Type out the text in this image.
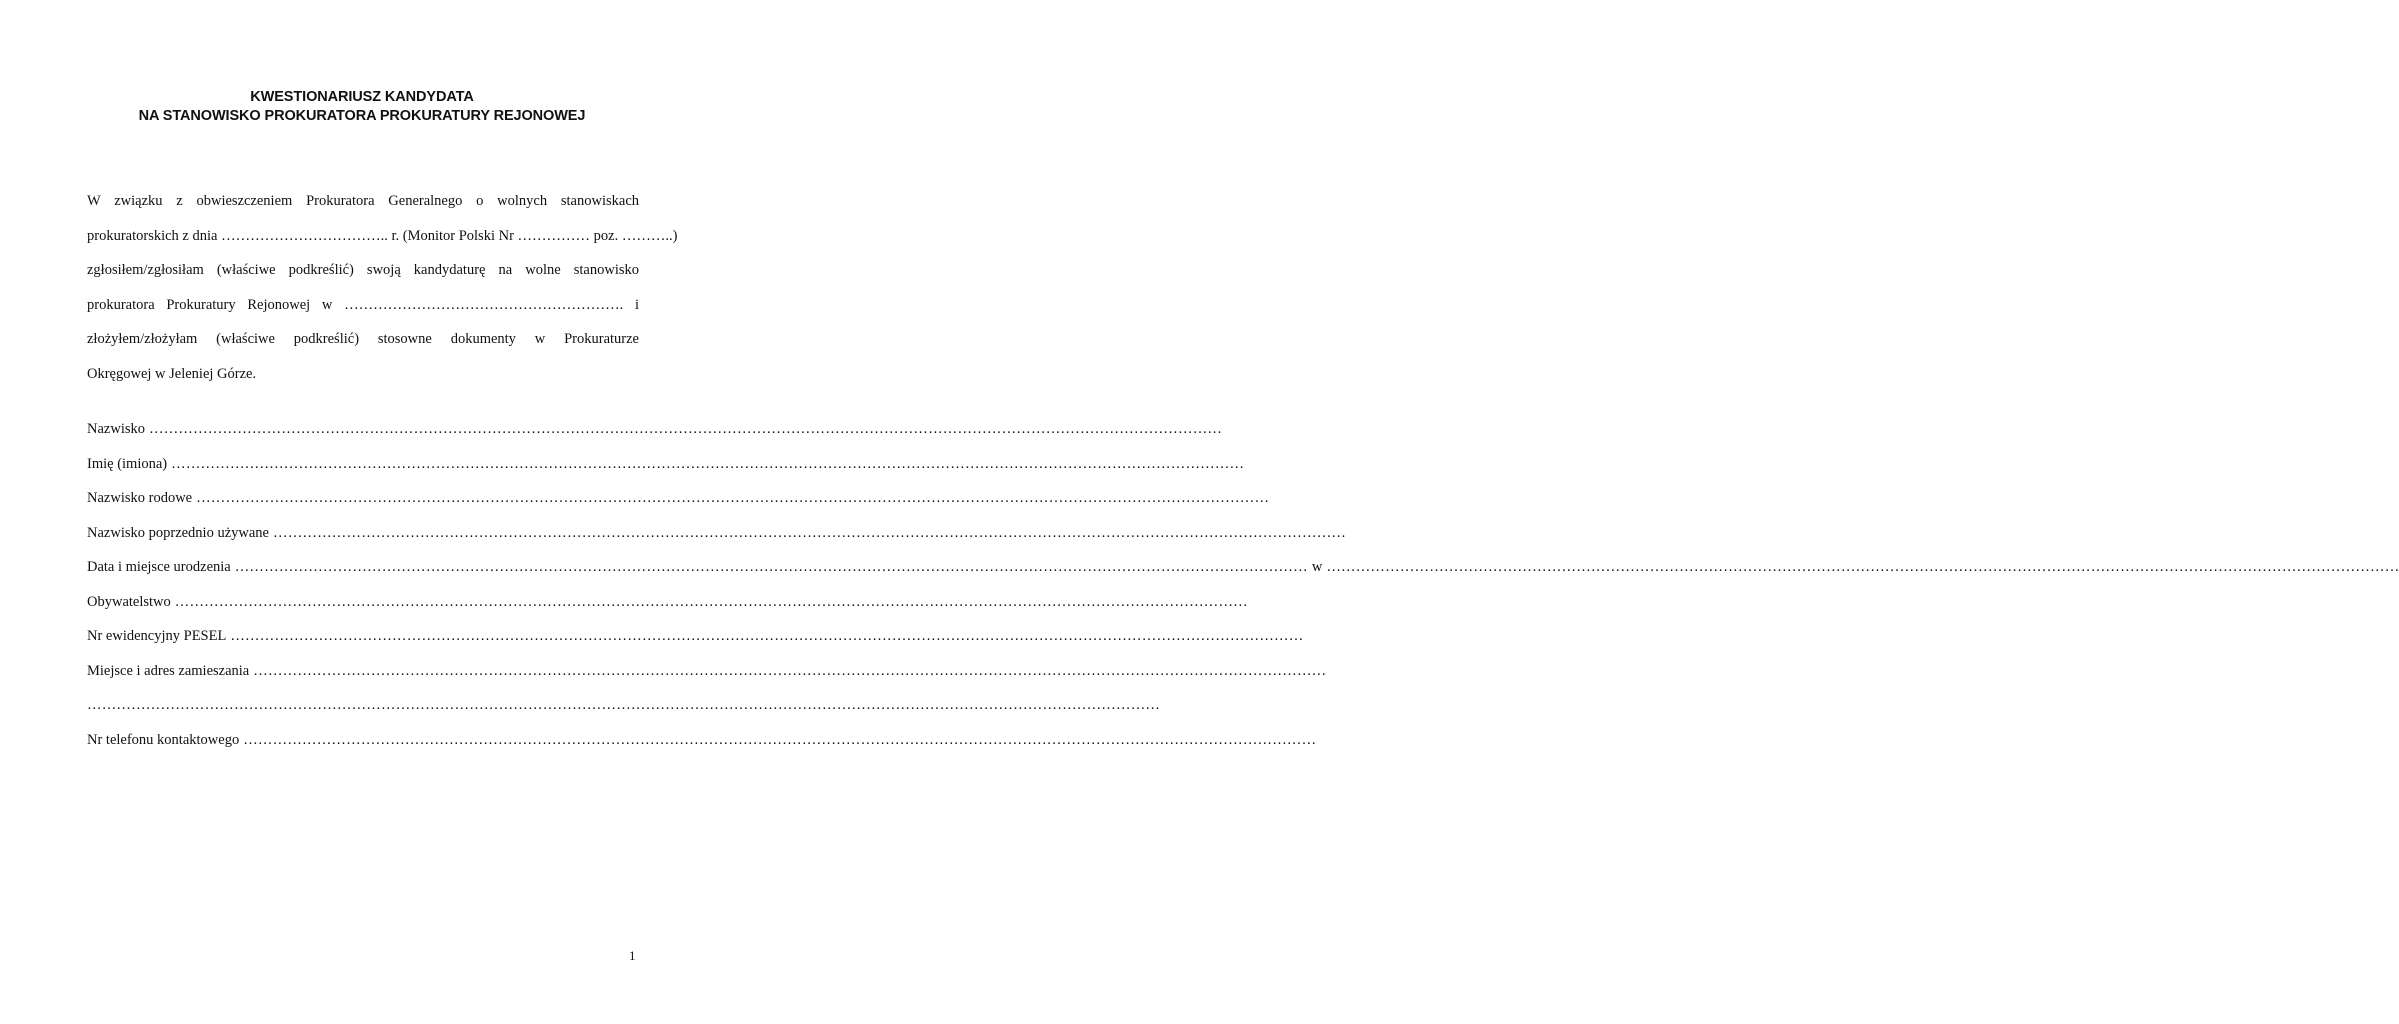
KWESTIONARIUSZ KANDYDATA
NA STANOWISKO PROKURATORA PROKURATURY REJONOWEJ
W związku z obwieszczeniem Prokuratora Generalnego o wolnych stanowiskach
prokuratorskich z dnia …………………………….. r. (Monitor Polski Nr …………… poz. ………..)
zgłosiłem/zgłosiłam (właściwe podkreślić) swoją kandydaturę na wolne stanowisko
prokuratora Prokuratury Rejonowej w …………………………………………………. i
złożyłem/złożyłam (właściwe podkreślić) stosowne dokumenty w Prokuraturze
Okręgowej w Jeleniej Górze.
Nazwisko …………………………………………………………………………………………………………………………………………………………………………………………………
Imię (imiona) …………………………………………………………………………………………………………………………………………………………………………………………………
Nazwisko rodowe …………………………………………………………………………………………………………………………………………………………………………………………………
Nazwisko poprzednio używane …………………………………………………………………………………………………………………………………………………………………………………………………
Data i miejsce urodzenia ………………………………………………………………………………………………………………………………………………………………………………………………… w …………………………………………………………………………………………………………………………………………………………………………………………………
Obywatelstwo …………………………………………………………………………………………………………………………………………………………………………………………………
Nr ewidencyjny PESEL …………………………………………………………………………………………………………………………………………………………………………………………………
Miejsce i adres zamieszania …………………………………………………………………………………………………………………………………………………………………………………………………
…………………………………………………………………………………………………………………………………………………………………………………………………
Nr telefonu kontaktowego …………………………………………………………………………………………………………………………………………………………………………………………………
1
